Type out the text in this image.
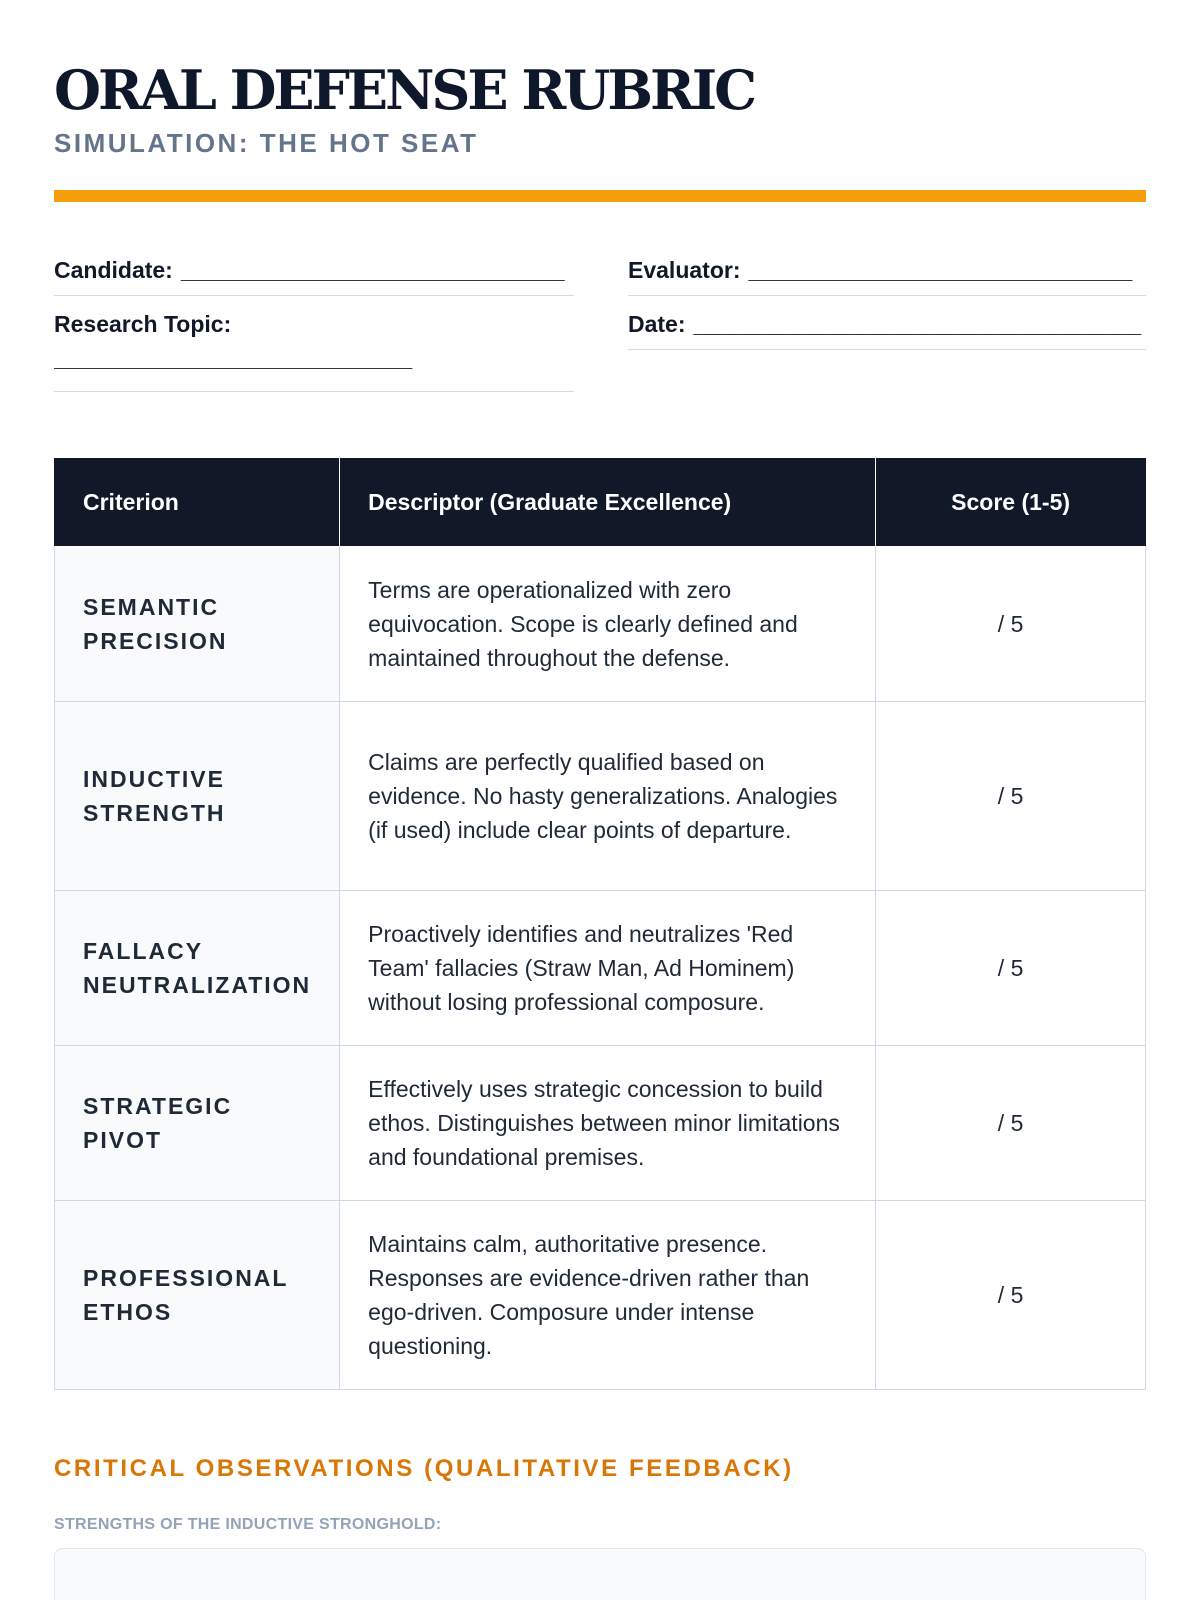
ORAL DEFENSE RUBRIC
SIMULATION: THE HOT SEAT
Candidate: ______________________________	Evaluator: ______________________________
Research Topic:
____________________________
Date: ___________________________________
Criterion	Descriptor (Graduate Excellence)	Score (1-5)
SEMANTIC PRECISION	Terms are operationalized with zero equivocation. Scope is clearly defined and maintained throughout the defense.	/ 5
INDUCTIVE STRENGTH	Claims are perfectly qualified based on evidence. No hasty generalizations. Analogies (if used) include clear points of departure.	/ 5
FALLACY NEUTRALIZATION	Proactively identifies and neutralizes 'Red Team' fallacies (Straw Man, Ad Hominem) without losing professional composure.	/ 5
STRATEGIC PIVOT	Effectively uses strategic concession to build ethos. Distinguishes between minor limitations and foundational premises.	/ 5
PROFESSIONAL ETHOS	Maintains calm, authoritative presence. Responses are evidence-driven rather than ego-driven. Composure under intense questioning.	/ 5
CRITICAL OBSERVATIONS (QUALITATIVE FEEDBACK)
STRENGTHS OF THE INDUCTIVE STRONGHOLD:
